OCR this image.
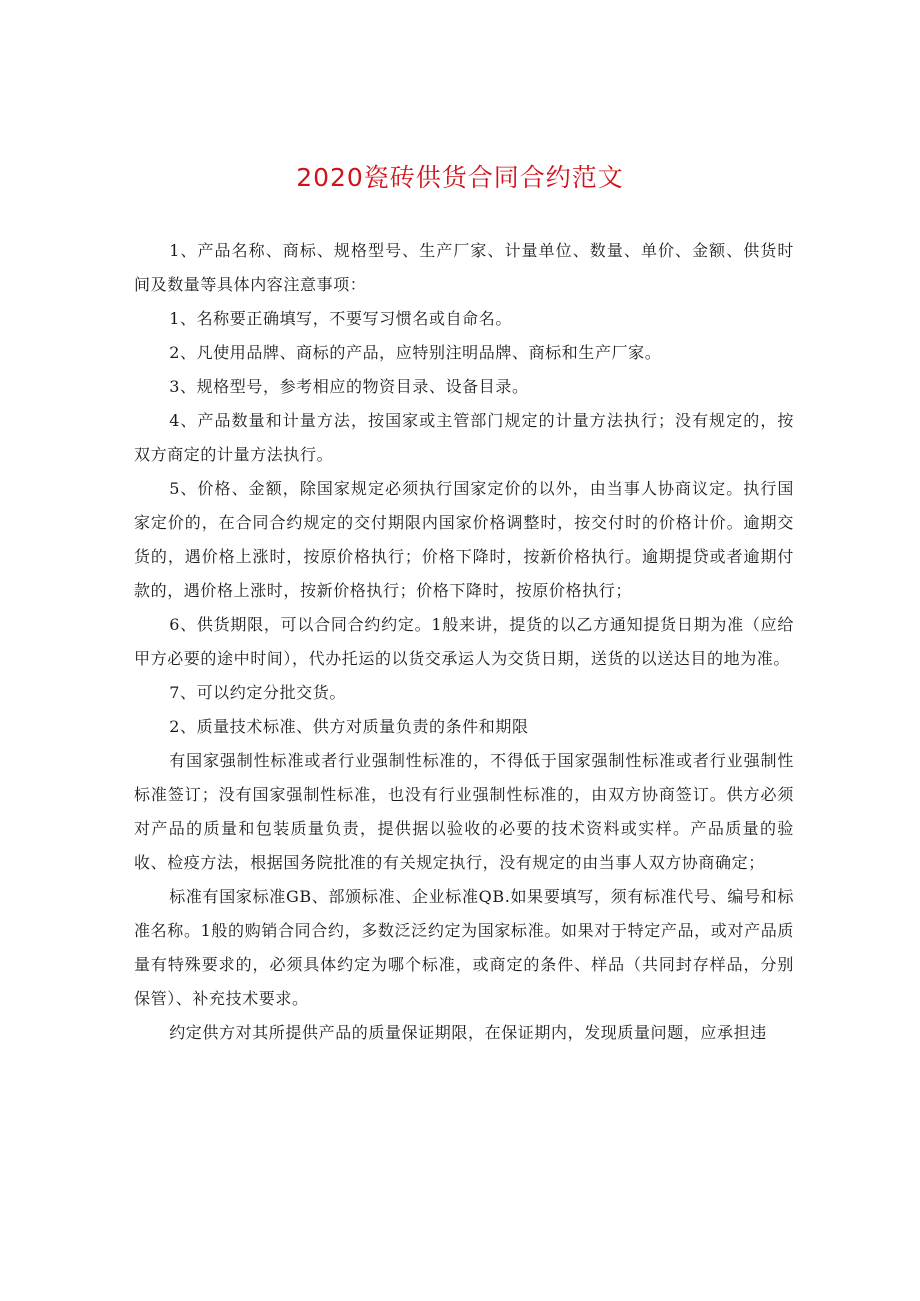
2020瓷砖供货合同合约范文

1、产品名称、商标、规格型号、生产厂家、计量单位、数量、单价、金额、供货时间及数量等具体内容注意事项：

1、名称要正确填写，不要写习惯名或自命名。

2、凡使用品牌、商标的产品，应特别注明品牌、商标和生产厂家。

3、规格型号，参考相应的物资目录、设备目录。

4、产品数量和计量方法，按国家或主管部门规定的计量方法执行；没有规定的，按双方商定的计量方法执行。

5、价格、金额，除国家规定必须执行国家定价的以外，由当事人协商议定。执行国家定价的，在合同合约规定的交付期限内国家价格调整时，按交付时的价格计价。逾期交货的，遇价格上涨时，按原价格执行；价格下降时，按新价格执行。逾期提贷或者逾期付款的，遇价格上涨时，按新价格执行；价格下降时，按原价格执行；

6、供货期限，可以合同合约约定。1般来讲，提货的以乙方通知提货日期为准（应给甲方必要的途中时间），代办托运的以货交承运人为交货日期，送货的以送达目的地为准。

7、可以约定分批交货。

2、质量技术标准、供方对质量负责的条件和期限

有国家强制性标准或者行业强制性标准的，不得低于国家强制性标准或者行业强制性标准签订；没有国家强制性标准，也没有行业强制性标准的，由双方协商签订。供方必须对产品的质量和包装质量负责，提供据以验收的必要的技术资料或实样。产品质量的验收、检疫方法，根据国务院批准的有关规定执行，没有规定的由当事人双方协商确定；

标准有国家标准GB、部颁标准、企业标准QB.如果要填写，须有标准代号、编号和标准名称。1般的购销合同合约，多数泛泛约定为国家标准。如果对于特定产品，或对产品质量有特殊要求的，必须具体约定为哪个标准，或商定的条件、样品（共同封存样品，分别保管）、补充技术要求。

约定供方对其所提供产品的质量保证期限，在保证期内，发现质量问题，应承担违
